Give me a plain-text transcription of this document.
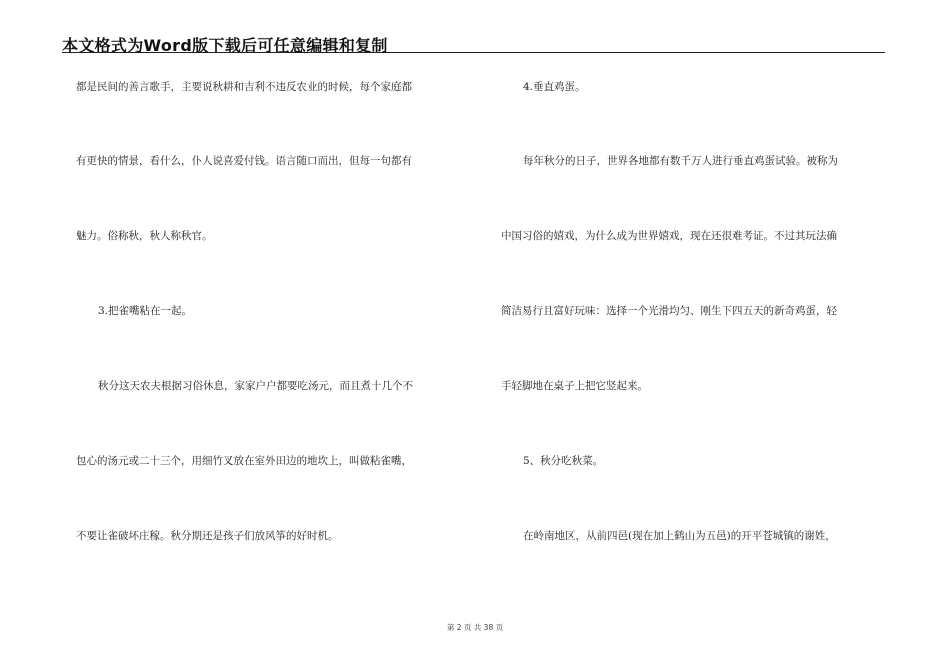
本文格式为Word版下载后可任意编辑和复制
都是民间的善言歌手，主要说秋耕和吉利不违反农业的时候，每个家庭都
有更快的情景，看什么，仆人说喜爱付钱。语言随口而出，但每一句都有
魅力。俗称秋，秋人称秋官。
3.把雀嘴粘在一起。
秋分这天农夫根据习俗休息，家家户户都要吃汤元，而且煮十几个不
包心的汤元或二十三个，用细竹叉放在室外田边的地坎上，叫做粘雀嘴，
不要让雀破坏庄稼。秋分期还是孩子们放风筝的好时机。
4.垂直鸡蛋。
每年秋分的日子，世界各地都有数千万人进行垂直鸡蛋试验。被称为
中国习俗的嬉戏，为什么成为世界嬉戏，现在还很难考证。不过其玩法确
简洁易行且富好玩味：选择一个光滑均匀、刚生下四五天的新奇鸡蛋，轻
手轻脚地在桌子上把它竖起来。
5、秋分吃秋菜。
在岭南地区，从前四邑(现在加上鹤山为五邑)的开平苍城镇的谢姓，
第 2 页 共 38 页
